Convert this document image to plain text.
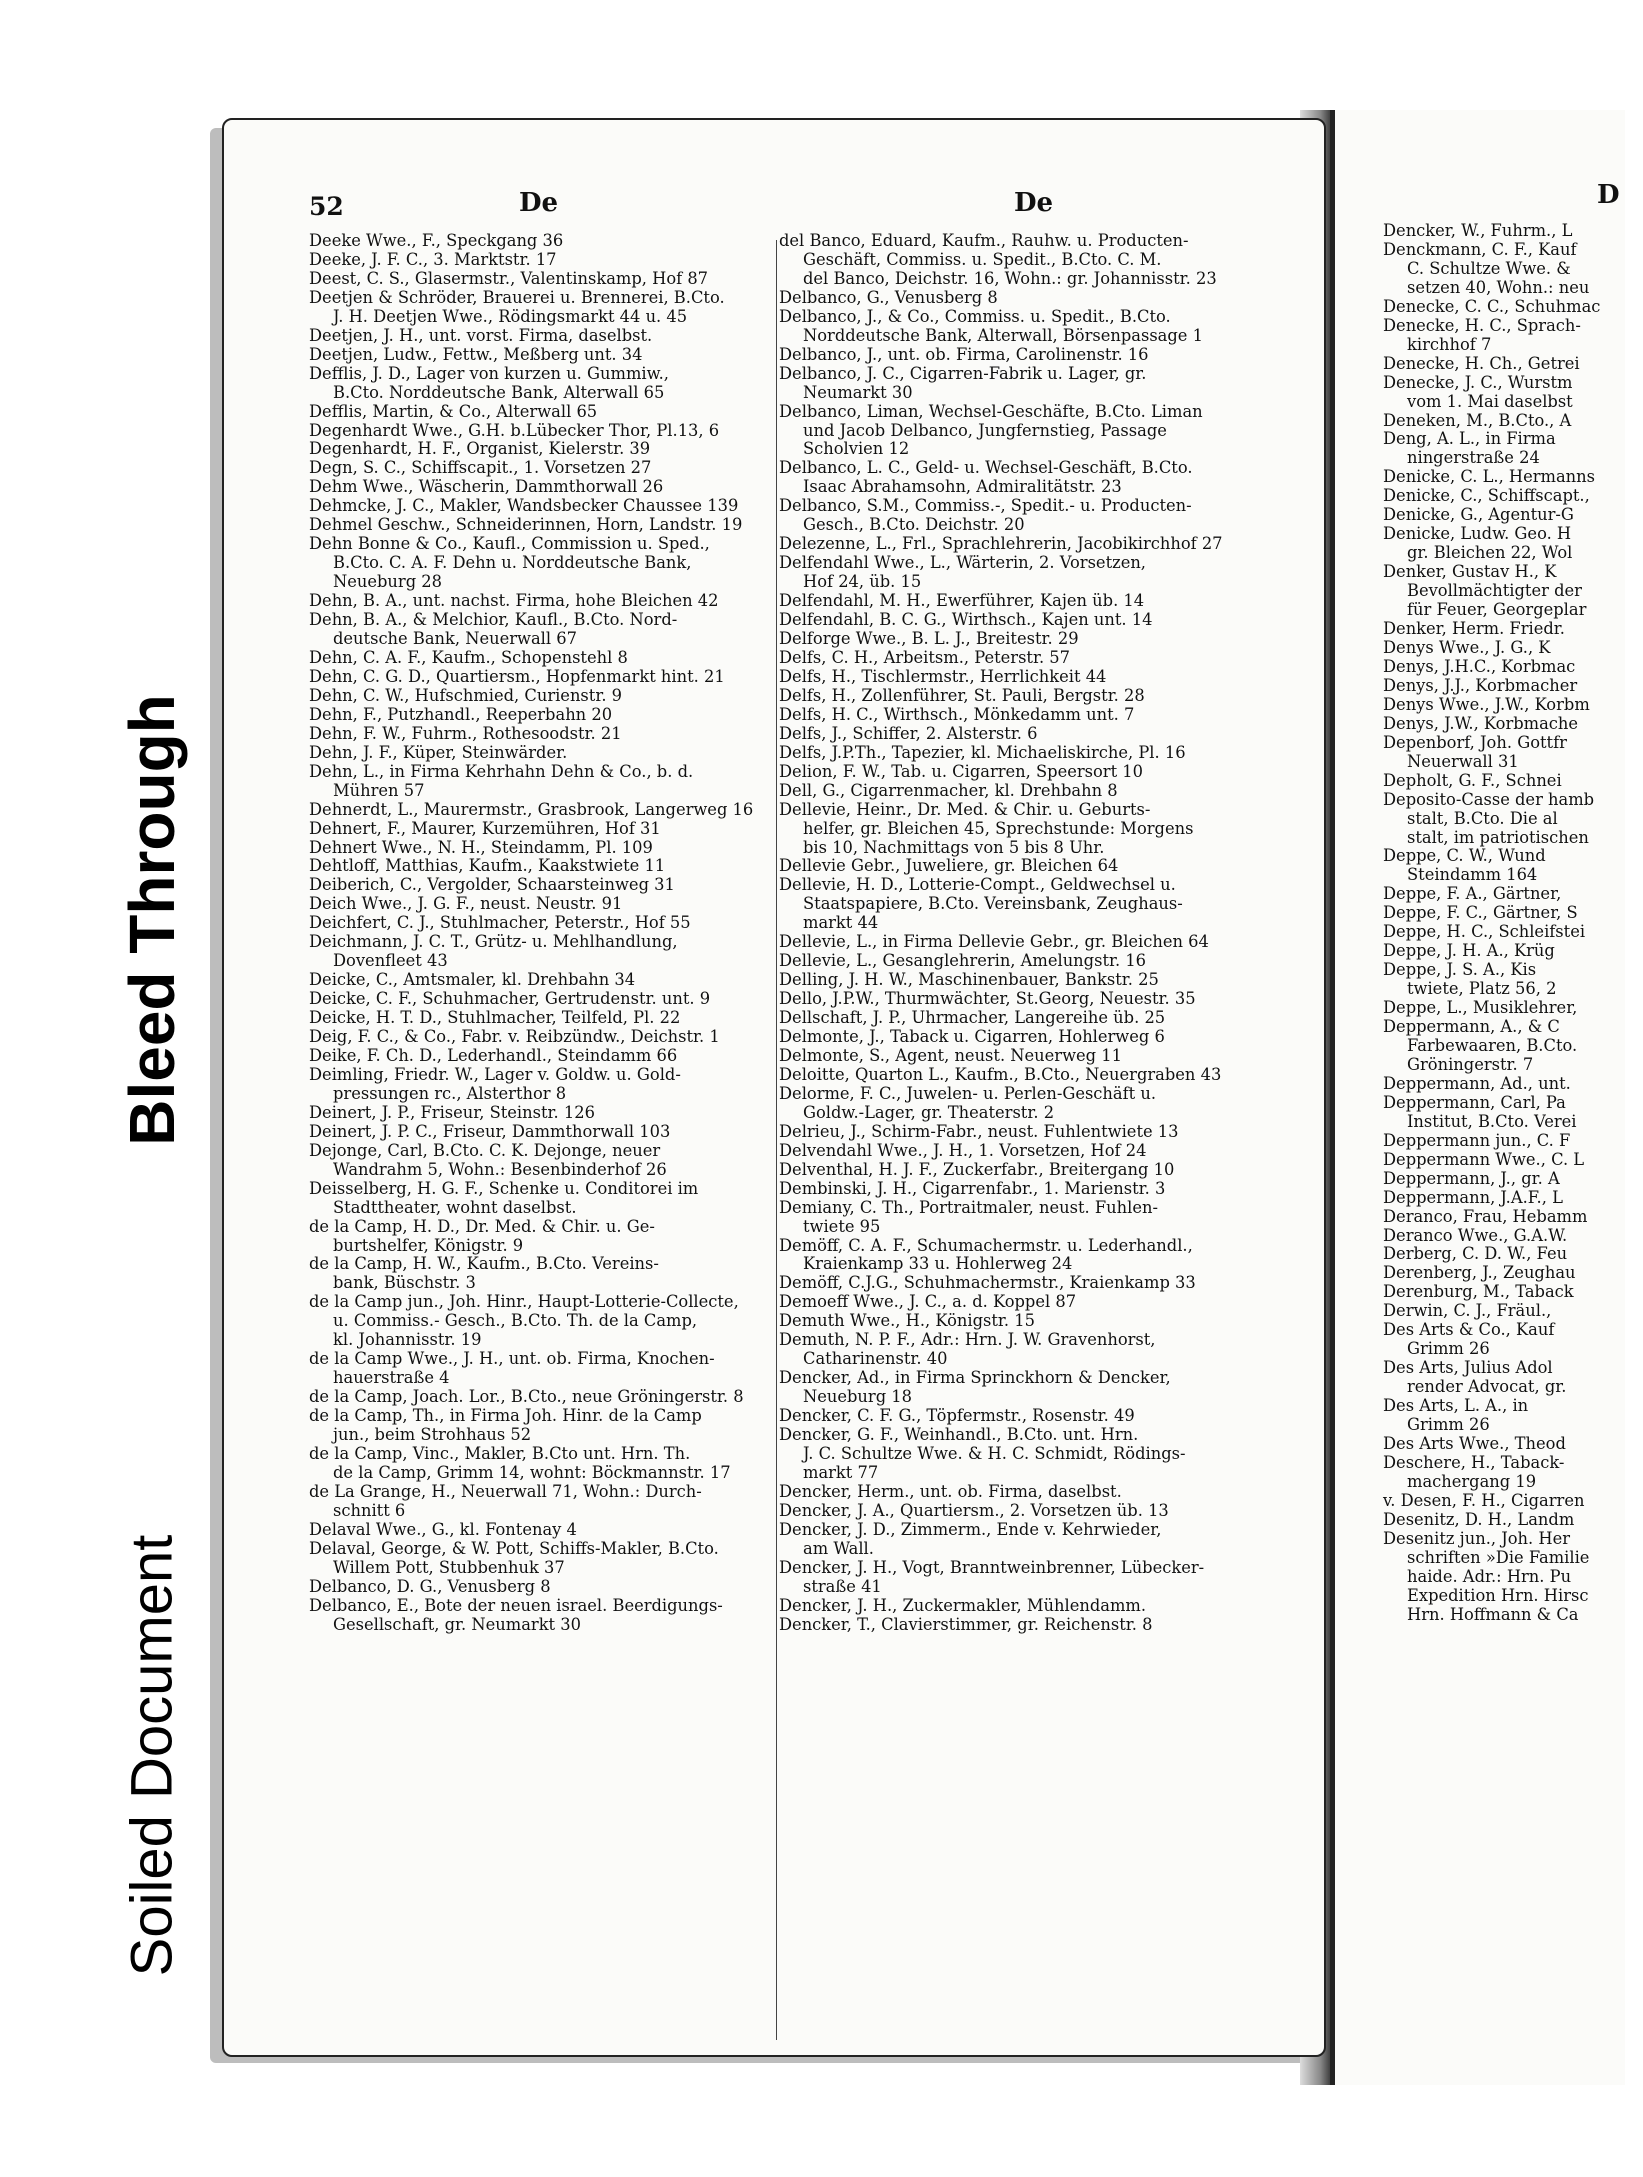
Bleed Through
Soiled Document
52	De	De
Deeke Wwe., F., Speckgang 36
Deeke, J. F. C., 3. Marktstr. 17
Deest, C. S., Glasermstr., Valentinskamp, Hof 87
Deetjen & Schröder, Brauerei u. Brennerei, B.Cto.
J. H. Deetjen Wwe., Rödingsmarkt 44 u. 45
Deetjen, J. H., unt. vorst. Firma, daselbst.
Deetjen, Ludw., Fettw., Meßberg unt. 34
Defflis, J. D., Lager von kurzen u. Gummiw.,
B.Cto. Norddeutsche Bank, Alterwall 65
Defflis, Martin, & Co., Alterwall 65
Degenhardt Wwe., G.H. b.Lübecker Thor, Pl.13, 6
Degenhardt, H. F., Organist, Kielerstr. 39
Degn, S. C., Schiffscapit., 1. Vorsetzen 27
Dehm Wwe., Wäscherin, Dammthorwall 26
Dehmcke, J. C., Makler, Wandsbecker Chaussee 139
Dehmel Geschw., Schneiderinnen, Horn, Landstr. 19
Dehn Bonne & Co., Kaufl., Commission u. Sped.,
B.Cto. C. A. F. Dehn u. Norddeutsche Bank,
Neueburg 28
Dehn, B. A., unt. nachst. Firma, hohe Bleichen 42
Dehn, B. A., & Melchior, Kaufl., B.Cto. Nord-
deutsche Bank, Neuerwall 67
Dehn, C. A. F., Kaufm., Schopenstehl 8
Dehn, C. G. D., Quartiersm., Hopfenmarkt hint. 21
Dehn, C. W., Hufschmied, Curienstr. 9
Dehn, F., Putzhandl., Reeperbahn 20
Dehn, F. W., Fuhrm., Rothesoodstr. 21
Dehn, J. F., Küper, Steinwärder.
Dehn, L., in Firma Kehrhahn Dehn & Co., b. d.
Mühren 57
Dehnerdt, L., Maurermstr., Grasbrook, Langerweg 16
Dehnert, F., Maurer, Kurzemühren, Hof 31
Dehnert Wwe., N. H., Steindamm, Pl. 109
Dehtloff, Matthias, Kaufm., Kaakstwiete 11
Deiberich, C., Vergolder, Schaarsteinweg 31
Deich Wwe., J. G. F., neust. Neustr. 91
Deichfert, C. J., Stuhlmacher, Peterstr., Hof 55
Deichmann, J. C. T., Grütz- u. Mehlhandlung,
Dovenfleet 43
Deicke, C., Amtsmaler, kl. Drehbahn 34
Deicke, C. F., Schuhmacher, Gertrudenstr. unt. 9
Deicke, H. T. D., Stuhlmacher, Teilfeld, Pl. 22
Deig, F. C., & Co., Fabr. v. Reibzündw., Deichstr. 1
Deike, F. Ch. D., Lederhandl., Steindamm 66
Deimling, Friedr. W., Lager v. Goldw. u. Gold-
pressungen rc., Alsterthor 8
Deinert, J. P., Friseur, Steinstr. 126
Deinert, J. P. C., Friseur, Dammthorwall 103
Dejonge, Carl, B.Cto. C. K. Dejonge, neuer
Wandrahm 5, Wohn.: Besenbinderhof 26
Deisselberg, H. G. F., Schenke u. Conditorei im
Stadttheater, wohnt daselbst.
de la Camp, H. D., Dr. Med. & Chir. u. Ge-
burtshelfer, Königstr. 9
de la Camp, H. W., Kaufm., B.Cto. Vereins-
bank, Büschstr. 3
de la Camp jun., Joh. Hinr., Haupt-Lotterie-Collecte,
u. Commiss.- Gesch., B.Cto. Th. de la Camp,
kl. Johannisstr. 19
de la Camp Wwe., J. H., unt. ob. Firma, Knochen-
hauerstraße 4
de la Camp, Joach. Lor., B.Cto., neue Gröningerstr. 8
de la Camp, Th., in Firma Joh. Hinr. de la Camp
jun., beim Strohhaus 52
de la Camp, Vinc., Makler, B.Cto unt. Hrn. Th.
de la Camp, Grimm 14, wohnt: Böckmannstr. 17
de La Grange, H., Neuerwall 71, Wohn.: Durch-
schnitt 6
Delaval Wwe., G., kl. Fontenay 4
Delaval, George, & W. Pott, Schiffs-Makler, B.Cto.
Willem Pott, Stubbenhuk 37
Delbanco, D. G., Venusberg 8
Delbanco, E., Bote der neuen israel. Beerdigungs-
Gesellschaft, gr. Neumarkt 30
del Banco, Eduard, Kaufm., Rauhw. u. Producten-
Geschäft, Commiss. u. Spedit., B.Cto. C. M.
del Banco, Deichstr. 16, Wohn.: gr. Johannisstr. 23
Delbanco, G., Venusberg 8
Delbanco, J., & Co., Commiss. u. Spedit., B.Cto.
Norddeutsche Bank, Alterwall, Börsenpassage 1
Delbanco, J., unt. ob. Firma, Carolinenstr. 16
Delbanco, J. C., Cigarren-Fabrik u. Lager, gr.
Neumarkt 30
Delbanco, Liman, Wechsel-Geschäfte, B.Cto. Liman
und Jacob Delbanco, Jungfernstieg, Passage
Scholvien 12
Delbanco, L. C., Geld- u. Wechsel-Geschäft, B.Cto.
Isaac Abrahamsohn, Admiralitätstr. 23
Delbanco, S.M., Commiss.-, Spedit.- u. Producten-
Gesch., B.Cto. Deichstr. 20
Delezenne, L., Frl., Sprachlehrerin, Jacobikirchhof 27
Delfendahl Wwe., L., Wärterin, 2. Vorsetzen,
Hof 24, üb. 15
Delfendahl, M. H., Ewerführer, Kajen üb. 14
Delfendahl, B. C. G., Wirthsch., Kajen unt. 14
Delforge Wwe., B. L. J., Breitestr. 29
Delfs, C. H., Arbeitsm., Peterstr. 57
Delfs, H., Tischlermstr., Herrlichkeit 44
Delfs, H., Zollenführer, St. Pauli, Bergstr. 28
Delfs, H. C., Wirthsch., Mönkedamm unt. 7
Delfs, J., Schiffer, 2. Alsterstr. 6
Delfs, J.P.Th., Tapezier, kl. Michaeliskirche, Pl. 16
Delion, F. W., Tab. u. Cigarren, Speersort 10
Dell, G., Cigarrenmacher, kl. Drehbahn 8
Dellevie, Heinr., Dr. Med. & Chir. u. Geburts-
helfer, gr. Bleichen 45, Sprechstunde: Morgens
bis 10, Nachmittags von 5 bis 8 Uhr.
Dellevie Gebr., Juweliere, gr. Bleichen 64
Dellevie, H. D., Lotterie-Compt., Geldwechsel u.
Staatspapiere, B.Cto. Vereinsbank, Zeughaus-
markt 44
Dellevie, L., in Firma Dellevie Gebr., gr. Bleichen 64
Dellevie, L., Gesanglehrerin, Amelungstr. 16
Delling, J. H. W., Maschinenbauer, Bankstr. 25
Dello, J.P.W., Thurmwächter, St.Georg, Neuestr. 35
Dellschaft, J. P., Uhrmacher, Langereihe üb. 25
Delmonte, J., Taback u. Cigarren, Hohlerweg 6
Delmonte, S., Agent, neust. Neuerweg 11
Deloitte, Quarton L., Kaufm., B.Cto., Neuergraben 43
Delorme, F. C., Juwelen- u. Perlen-Geschäft u.
Goldw.-Lager, gr. Theaterstr. 2
Delrieu, J., Schirm-Fabr., neust. Fuhlentwiete 13
Delvendahl Wwe., J. H., 1. Vorsetzen, Hof 24
Delventhal, H. J. F., Zuckerfabr., Breitergang 10
Dembinski, J. H., Cigarrenfabr., 1. Marienstr. 3
Demiany, C. Th., Portraitmaler, neust. Fuhlen-
twiete 95
Demöff, C. A. F., Schumachermstr. u. Lederhandl.,
Kraienkamp 33 u. Hohlerweg 24
Demöff, C.J.G., Schuhmachermstr., Kraienkamp 33
Demoeff Wwe., J. C., a. d. Koppel 87
Demuth Wwe., H., Königstr. 15
Demuth, N. P. F., Adr.: Hrn. J. W. Gravenhorst,
Catharinenstr. 40
Dencker, Ad., in Firma Sprinckhorn & Dencker,
Neueburg 18
Dencker, C. F. G., Töpfermstr., Rosenstr. 49
Dencker, G. F., Weinhandl., B.Cto. unt. Hrn.
J. C. Schultze Wwe. & H. C. Schmidt, Rödings-
markt 77
Dencker, Herm., unt. ob. Firma, daselbst.
Dencker, J. A., Quartiersm., 2. Vorsetzen üb. 13
Dencker, J. D., Zimmerm., Ende v. Kehrwieder,
am Wall.
Dencker, J. H., Vogt, Branntweinbrenner, Lübecker-
straße 41
Dencker, J. H., Zuckermakler, Mühlendamm.
Dencker, T., Clavierstimmer, gr. Reichenstr. 8
D
Dencker, W., Fuhrm., L
Denckmann, C. F., Kauf
C. Schultze Wwe. &
setzen 40, Wohn.: neu
Denecke, C. C., Schuhmac
Denecke, H. C., Sprach-
kirchhof 7
Denecke, H. Ch., Getrei
Denecke, J. C., Wurstm
vom 1. Mai daselbst
Deneken, M., B.Cto., A
Deng, A. L., in Firma
ningerstraße 24
Denicke, C. L., Hermanns
Denicke, C., Schiffscapt.,
Denicke, G., Agentur-G
Denicke, Ludw. Geo. H
gr. Bleichen 22, Wol
Denker, Gustav H., K
Bevollmächtigter der
für Feuer, Georgeplar
Denker, Herm. Friedr.
Denys Wwe., J. G., K
Denys, J.H.C., Korbmac
Denys, J.J., Korbmacher
Denys Wwe., J.W., Korbm
Denys, J.W., Korbmache
Depenborf, Joh. Gottfr
Neuerwall 31
Depholt, G. F., Schnei
Deposito-Casse der hamb
stalt, B.Cto. Die al
stalt, im patriotischen
Deppe, C. W., Wund
Steindamm 164
Deppe, F. A., Gärtner,
Deppe, F. C., Gärtner, S
Deppe, H. C., Schleifstei
Deppe, J. H. A., Krüg
Deppe, J. S. A., Kis
twiete, Platz 56, 2
Deppe, L., Musiklehrer,
Deppermann, A., & C
Farbewaaren, B.Cto.
Gröningerstr. 7
Deppermann, Ad., unt.
Deppermann, Carl, Pa
Institut, B.Cto. Verei
Deppermann jun., C. F
Deppermann Wwe., C. L
Deppermann, J., gr. A
Deppermann, J.A.F., L
Deranco, Frau, Hebamm
Deranco Wwe., G.A.W.
Derberg, C. D. W., Feu
Derenberg, J., Zeughau
Derenburg, M., Taback
Derwin, C. J., Fräul.,
Des Arts & Co., Kauf
Grimm 26
Des Arts, Julius Adol
render Advocat, gr.
Des Arts, L. A., in
Grimm 26
Des Arts Wwe., Theod
Deschere, H., Taback-
machergang 19
v. Desen, F. H., Cigarren
Desenitz, D. H., Landm
Desenitz jun., Joh. Her
schriften »Die Familie
haide. Adr.: Hrn. Pu
Expedition Hrn. Hirsc
Hrn. Hoffmann & Ca
